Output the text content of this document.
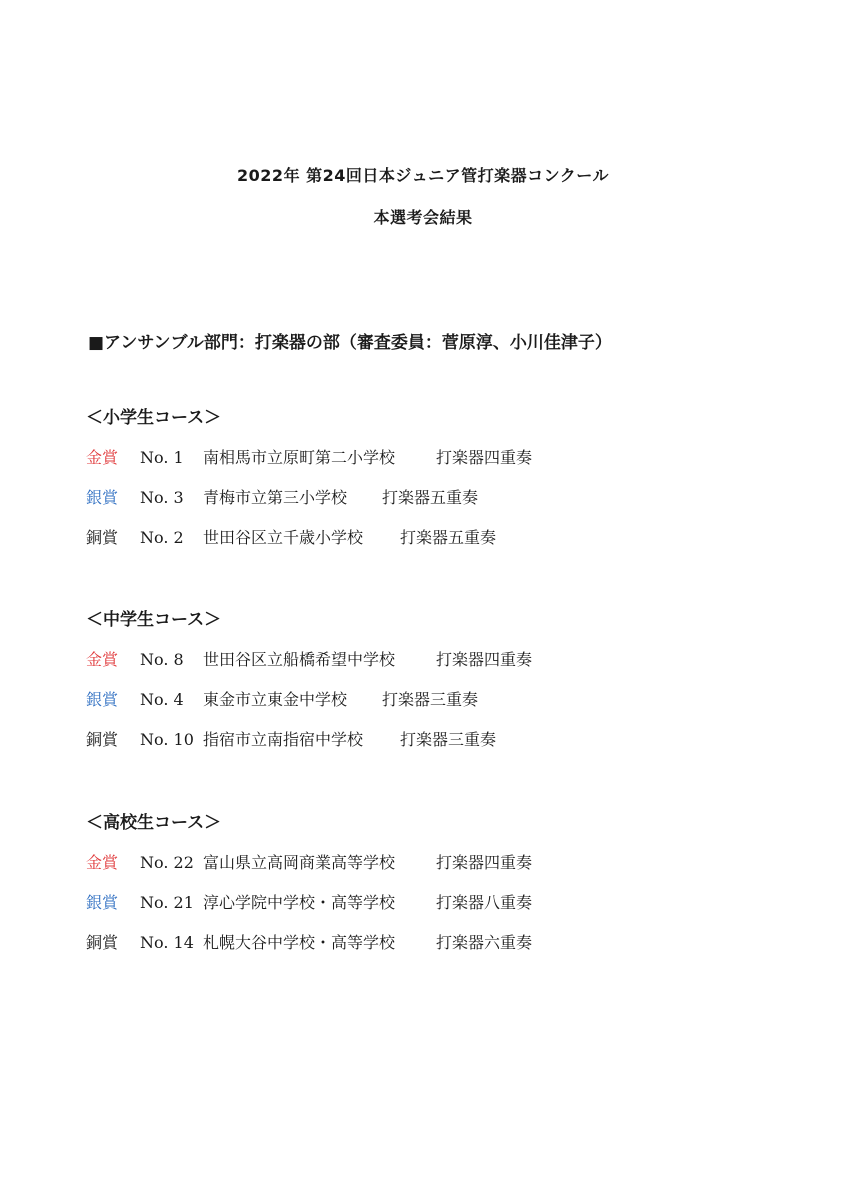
2022年 第24回日本ジュニア管打楽器コンクール
本選考会結果
■アンサンブル部門：打楽器の部（審査委員：菅原淳、小川佳津子）
＜小学生コース＞
金賞 No. 1 南相馬市立原町第二小学校	打楽器四重奏
銀賞 No. 3 青梅市立第三小学校 打楽器五重奏
銅賞 No. 2 世田谷区立千歳小学校 打楽器五重奏
＜中学生コース＞
金賞 No. 8 世田谷区立船橋希望中学校	打楽器四重奏
銀賞 No. 4 東金市立東金中学校 打楽器三重奏
銅賞 No. 10 指宿市立南指宿中学校 打楽器三重奏
＜高校生コース＞
金賞 No. 22 富山県立高岡商業高等学校	打楽器四重奏
銀賞 No. 21 淳心学院中学校・高等学校	打楽器八重奏
銅賞 No. 14 札幌大谷中学校・高等学校	打楽器六重奏
